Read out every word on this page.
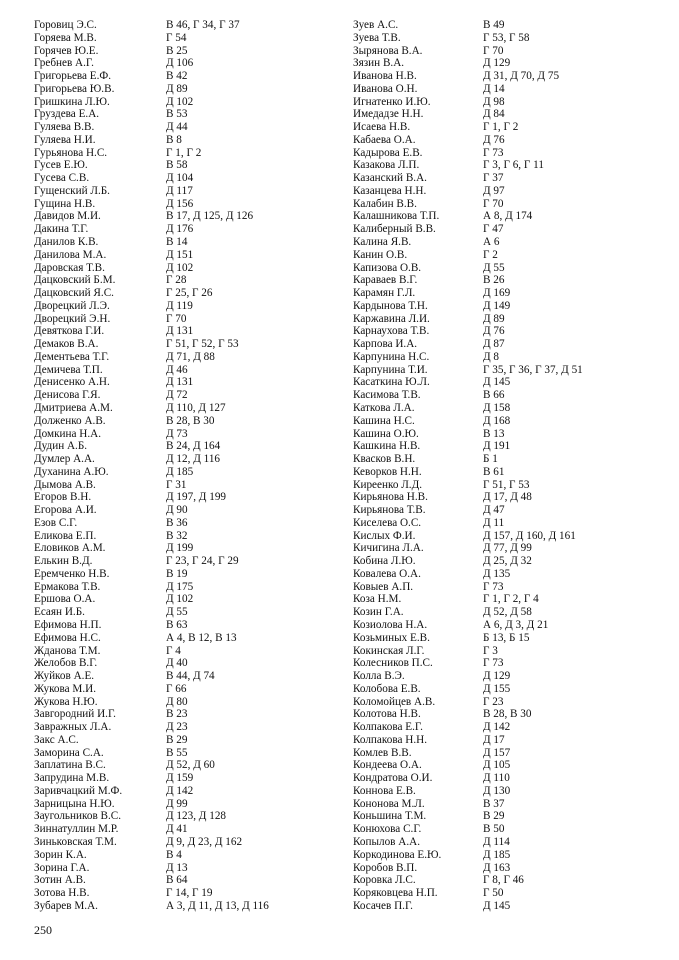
Горовиц Э.С.	В 46, Г 34, Г 37
Горяева М.В.	Г 54
Горячев Ю.Е.	В 25
Гребнев А.Г.	Д 106
Григорьева Е.Ф.	В 42
Григорьева Ю.В.	Д 89
Гришкина Л.Ю.	Д 102
Груздева Е.А.	В 53
Гуляева В.В.	Д 44
Гуляева Н.И.	В 8
Гурьянова Н.С.	Г 1, Г 2
Гусев Е.Ю.	В 58
Гусева С.В.	Д 104
Гущенский Л.Б.	Д 117
Гущина Н.В.	Д 156
Давидов М.И.	В 17, Д 125, Д 126
Дакина Т.Г.	Д 176
Данилов К.В.	В 14
Данилова М.А.	Д 151
Даровская Т.В.	Д 102
Дацковский Б.М.	Г 28
Дацковский Я.С.	Г 25, Г 26
Дворецкий Л.Э.	Д 119
Дворецкий Э.Н.	Г 70
Девяткова Г.И.	Д 131
Демаков В.А.	Г 51, Г 52, Г 53
Дементьева Т.Г.	Д 71, Д 88
Демичева Т.П.	Д 46
Денисенко А.Н.	Д 131
Денисова Г.Я.	Д 72
Дмитриева А.М.	Д 110, Д 127
Долженко А.В.	В 28, В 30
Домкина Н.А.	Д 73
Дудин А.Б.	В 24, Д 164
Думлер А.А.	Д 12, Д 116
Духанина А.Ю.	Д 185
Дымова А.В.	Г 31
Егоров В.Н.	Д 197, Д 199
Егорова А.И.	Д 90
Езов С.Г.	В 36
Еликова Е.П.	В 32
Еловиков А.М.	Д 199
Елькин В.Д.	Г 23, Г 24, Г 29
Еремченко Н.В.	В 19
Ермакова Т.В.	Д 175
Ершова О.А.	Д 102
Есаян И.Б.	Д 55
Ефимова Н.П.	В 63
Ефимова Н.С.	А 4, В 12, В 13
Жданова Т.М.	Г 4
Желобов В.Г.	Д 40
Жуйков А.Е.	В 44, Д 74
Жукова М.И.	Г 66
Жукова Н.Ю.	Д 80
Завгородний И.Г.	В 23
Завражных Л.А.	Д 23
Закс А.С.	В 29
Заморина С.А.	В 55
Заплатина В.С.	Д 52, Д 60
Запрудина М.В.	Д 159
Заривчацкий М.Ф.	Д 142
Зарницына Н.Ю.	Д 99
Заугольников В.С.	Д 123, Д 128
Зиннатуллин М.Р.	Д 41
Зиньковская Т.М.	Д 9, Д 23, Д 162
Зорин К.А.	В 4
Зорина Г.А.	Д 13
Зотин А.В.	В 64
Зотова Н.В.	Г 14, Г 19
Зубарев М.А.	А 3, Д 11, Д 13, Д 116
Зуев А.С.	В 49
Зуева Т.В.	Г 53, Г 58
Зырянова В.А.	Г 70
Зязин В.А.	Д 129
Иванова Н.В.	Д 31, Д 70, Д 75
Иванова О.Н.	Д 14
Игнатенко И.Ю.	Д 98
Имедадзе Н.Н.	Д 84
Исаева Н.В.	Г 1, Г 2
Кабаева О.А.	Д 76
Кадырова Е.В.	Г 73
Казакова Л.П.	Г 3, Г 6, Г 11
Казанский В.А.	Г 37
Казанцева Н.Н.	Д 97
Калабин В.В.	Г 70
Калашникова Т.П.	А 8, Д 174
Калиберный В.В.	Г 47
Калина Я.В.	А 6
Канин О.В.	Г 2
Капизова О.В.	Д 55
Караваев В.Г.	В 26
Карамян Г.Л.	Д 169
Кардынова Т.Н.	Д 149
Каржавина Л.И.	Д 89
Карнаухова Т.В.	Д 76
Карпова И.А.	Д 87
Карпунина Н.С.	Д 8
Карпунина Т.И.	Г 35, Г 36, Г 37, Д 51
Касаткина Ю.Л.	Д 145
Касимова Т.В.	В 66
Каткова Л.А.	Д 158
Кашина Н.С.	Д 168
Кашина О.Ю.	В 13
Кашкина Н.В.	Д 191
Квасков В.Н.	Б 1
Кеворков Н.Н.	В 61
Киреенко Л.Д.	Г 51, Г 53
Кирьянова Н.В.	Д 17, Д 48
Кирьянова Т.В.	Д 47
Киселева О.С.	Д 11
Кислых Ф.И.	Д 157, Д 160, Д 161
Кичигина Л.А.	Д 77, Д 99
Кобина Л.Ю.	Д 25, Д 32
Ковалева О.А.	Д 135
Ковыев А.П.	Г 73
Коза Н.М.	Г 1, Г 2, Г 4
Козин Г.А.	Д 52, Д 58
Козиолова Н.А.	А 6, Д 3, Д 21
Козьминых Е.В.	Б 13, Б 15
Кокинская Л.Г.	Г 3
Колесников П.С.	Г 73
Колла В.Э.	Д 129
Колобова Е.В.	Д 155
Коломойцев А.В.	Г 23
Колотова Н.В.	В 28, В 30
Колпакова Е.Г.	Д 142
Колпакова Н.Н.	Д 17
Комлев В.В.	Д 157
Кондеева О.А.	Д 105
Кондратова О.И.	Д 110
Коннова Е.В.	Д 130
Кононова М.Л.	В 37
Коньшина Т.М.	В 29
Конюхова С.Г.	В 50
Копылов А.А.	Д 114
Коркодинова Е.Ю.	Д 185
Коробов В.П.	Д 163
Коровка Л.С.	Г 8, Г 46
Коряковцева Н.П.	Г 50
Косачев П.Г.	Д 145
250
